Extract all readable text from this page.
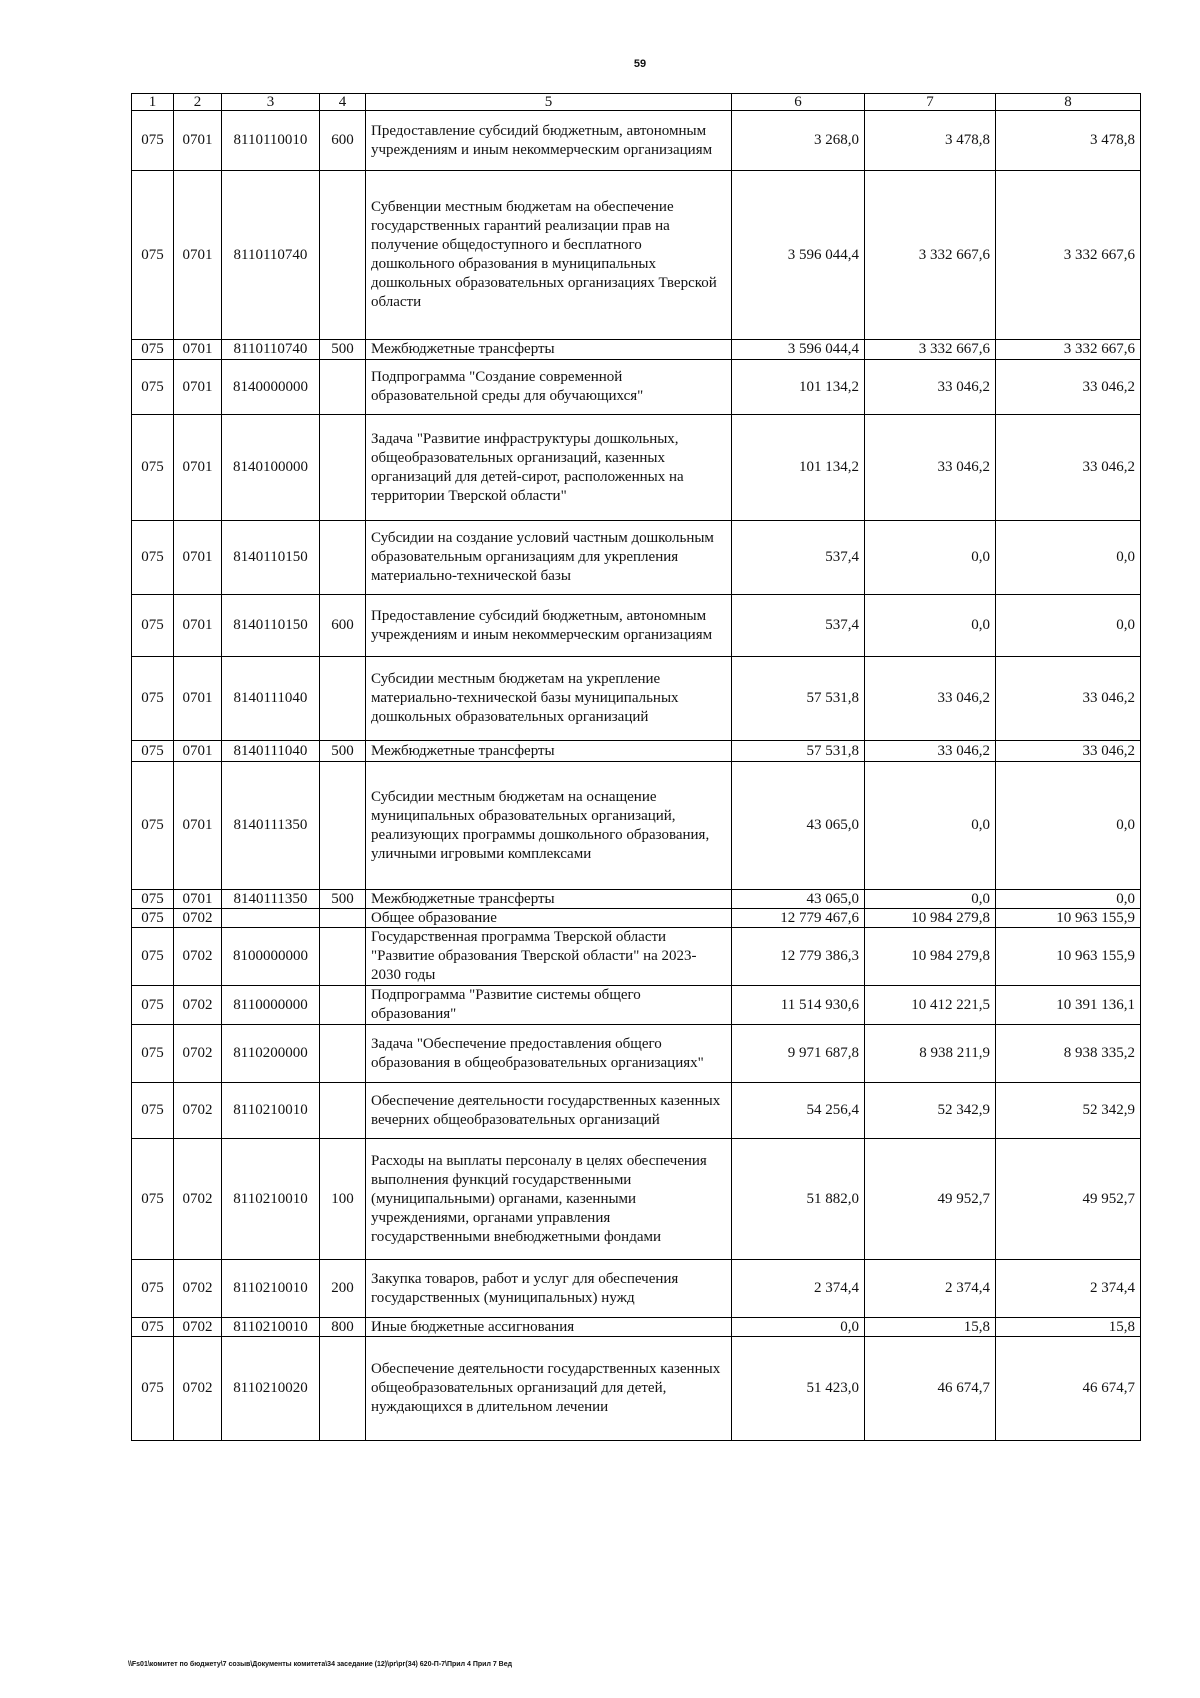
59
1	2	3	4	5	6	7	8
075	0701	8110110010	600	Предоставление субсидий бюджетным, автономным учреждениям и иным некоммерческим организациям	3 268,0	3 478,8	3 478,8
075	0701	8110110740		Субвенции местным бюджетам на обеспечение государственных гарантий реализации прав на получение общедоступного и бесплатного дошкольного образования в муниципальных дошкольных образовательных организациях Тверской области	3 596 044,4	3 332 667,6	3 332 667,6
075	0701	8110110740	500	Межбюджетные трансферты	3 596 044,4	3 332 667,6	3 332 667,6
075	0701	8140000000		Подпрограмма "Создание современной образовательной среды для обучающихся"	101 134,2	33 046,2	33 046,2
075	0701	8140100000		Задача "Развитие инфраструктуры дошкольных, общеобразовательных организаций, казенных организаций для детей-сирот, расположенных на территории Тверской области"	101 134,2	33 046,2	33 046,2
075	0701	8140110150		Субсидии на создание условий частным дошкольным образовательным организациям для укрепления материально-технической базы	537,4	0,0	0,0
075	0701	8140110150	600	Предоставление субсидий бюджетным, автономным учреждениям и иным некоммерческим организациям	537,4	0,0	0,0
075	0701	8140111040		Субсидии местным бюджетам на укрепление материально-технической базы муниципальных дошкольных образовательных организаций	57 531,8	33 046,2	33 046,2
075	0701	8140111040	500	Межбюджетные трансферты	57 531,8	33 046,2	33 046,2
075	0701	8140111350		Субсидии местным бюджетам на оснащение муниципальных образовательных организаций, реализующих программы дошкольного образования, уличными игровыми комплексами	43 065,0	0,0	0,0
075	0701	8140111350	500	Межбюджетные трансферты	43 065,0	0,0	0,0
075	0702			Общее образование	12 779 467,6	10 984 279,8	10 963 155,9
075	0702	8100000000		Государственная программа Тверской области "Развитие образования Тверской области" на 2023-2030 годы	12 779 386,3	10 984 279,8	10 963 155,9
075	0702	8110000000		Подпрограмма "Развитие системы общего образования"	11 514 930,6	10 412 221,5	10 391 136,1
075	0702	8110200000		Задача "Обеспечение предоставления общего образования в общеобразовательных организациях"	9 971 687,8	8 938 211,9	8 938 335,2
075	0702	8110210010		Обеспечение деятельности государственных казенных вечерних общеобразовательных организаций	54 256,4	52 342,9	52 342,9
075	0702	8110210010	100	Расходы на выплаты персоналу в целях обеспечения выполнения функций государственными (муниципальными) органами, казенными учреждениями, органами управления государственными внебюджетными фондами	51 882,0	49 952,7	49 952,7
075	0702	8110210010	200	Закупка товаров, работ и услуг для обеспечения государственных (муниципальных) нужд	2 374,4	2 374,4	2 374,4
075	0702	8110210010	800	Иные бюджетные ассигнования	0,0	15,8	15,8
075	0702	8110210020		Обеспечение деятельности государственных казенных общеобразовательных организаций для детей, нуждающихся в длительном лечении	51 423,0	46 674,7	46 674,7
\\Fs01\комитет по бюджету\7 созыв\Документы комитета\34 заседание (12)\рг\рг(34) 620-П-7\Прил 4 Прил 7 Вед
